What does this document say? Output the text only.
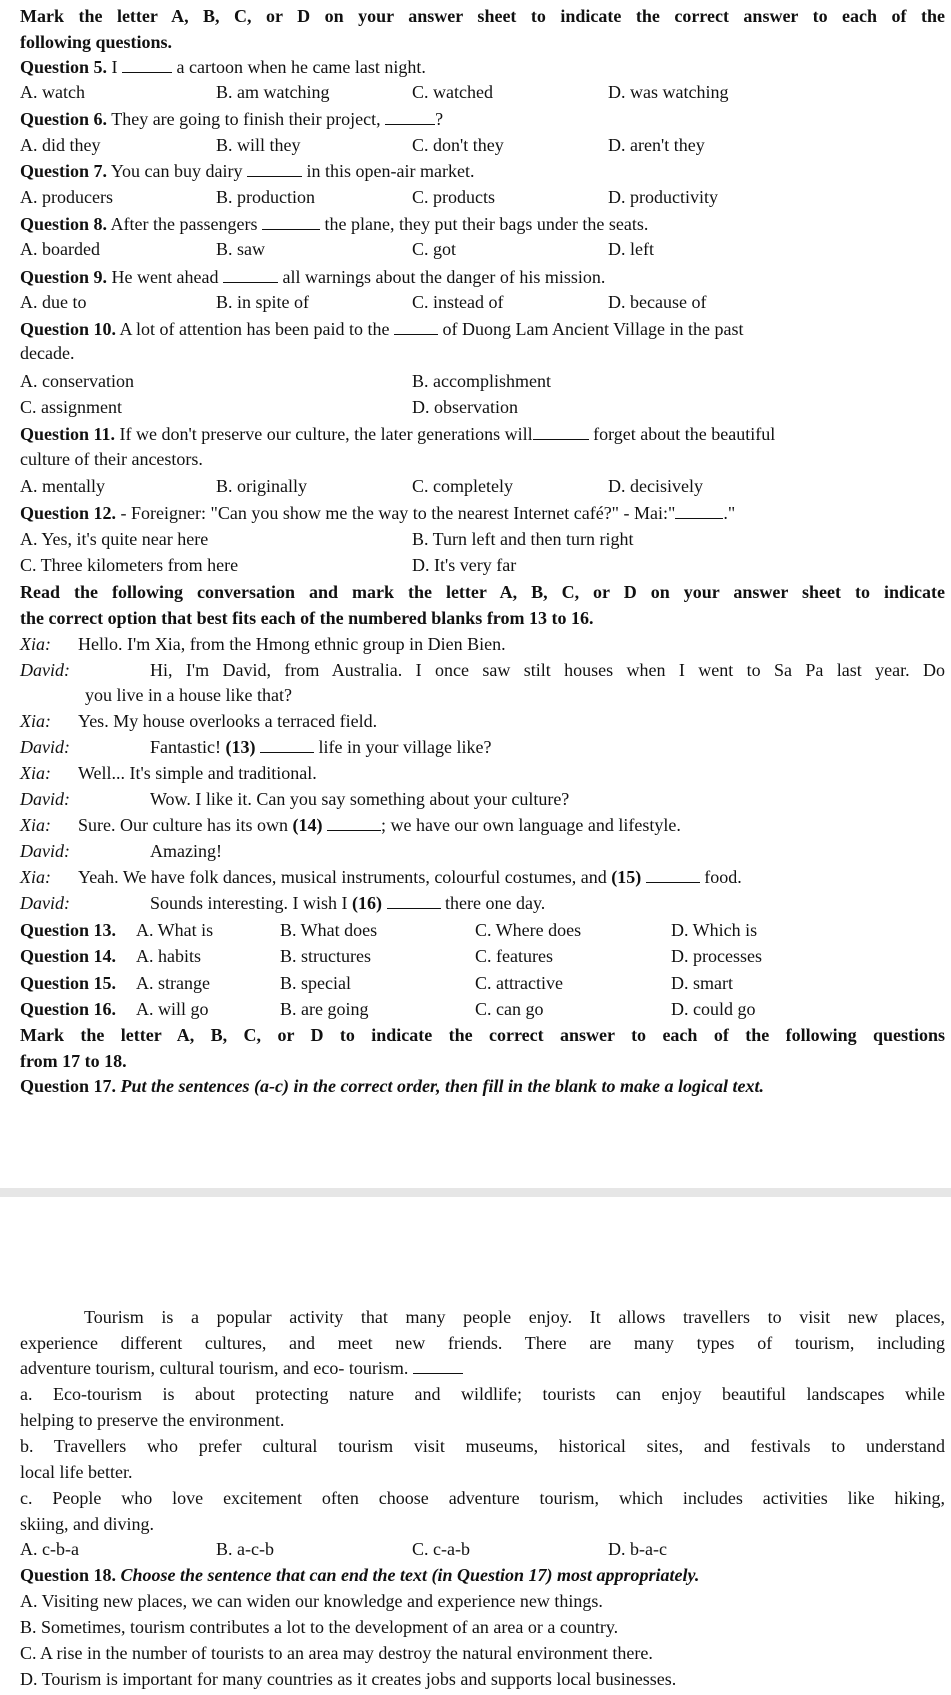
Mark the letter A, B, C, or D on your answer sheet to indicate the correct answer to each of the
following questions.
Question 5. I	a cartoon when he came last night.
A. watch	B. am watching	C. watched	D. was watching
Question 6. They are going to finish their project,	?
A. did they	B. will they	C. don't they	D. aren't they
Question 7. You can buy dairy	in this open-air market.
A. producers	B. production	C. products	D. productivity
Question 8. After the passengers	the plane, they put their bags under the seats.
A. boarded	B. saw	C. got	D. left
Question 9. He went ahead	all warnings about the danger of his mission.
A. due to	B. in spite of	C. instead of	D. because of
Question 10. A lot of attention has been paid to the	of Duong Lam Ancient Village in the past
decade.
A. conservation	B. accomplishment
C. assignment	D. observation
Question 11. If we don't preserve our culture, the later generations will	forget about the beautiful
culture of their ancestors.
A. mentally	B. originally	C. completely	D. decisively
Question 12. - Foreigner: "Can you show me the way to the nearest Internet café?" - Mai:"	."
A. Yes, it's quite near here	B. Turn left and then turn right
C. Three kilometers from here	D. It's very far
Read the following conversation and mark the letter A, B, C, or D on your answer sheet to indicate
the correct option that best fits each of the numbered blanks from 13 to 16.
Xia: Hello. I'm Xia, from the Hmong ethnic group in Dien Bien.
David:	Hi, I'm David, from Australia. I once saw stilt houses when I went to Sa Pa last year. Do
you live in a house like that?
Xia: Yes. My house overlooks a terraced field.
David:	Fantastic! (13)	life in your village like?
Xia: Well... It's simple and traditional.
David:	Wow. I like it. Can you say something about your culture?
Xia: Sure. Our culture has its own (14)	; we have our own language and lifestyle.
David:	Amazing!
Xia: Yeah. We have folk dances, musical instruments, colourful costumes, and (15)	food.
David:	Sounds interesting. I wish I (16)	there one day.
Question 13. A. What is	B. What does	C. Where does	D. Which is
Question 14. A. habits	B. structures	C. features	D. processes
Question 15. A. strange	B. special	C. attractive	D. smart
Question 16. A. will go	B. are going	C. can go	D. could go
Mark the letter A, B, C, or D to indicate the correct answer to each of the following questions
from 17 to 18.
Question 17. Put the sentences (a-c) in the correct order, then fill in the blank to make a logical text.
Tourism is a popular activity that many people enjoy. It allows travellers to visit new places,
experience different cultures, and meet new friends. There are many types of tourism, including
adventure tourism, cultural tourism, and eco- tourism.
a. Eco-tourism is about protecting nature and wildlife; tourists can enjoy beautiful landscapes while
helping to preserve the environment.
b. Travellers who prefer cultural tourism visit museums, historical sites, and festivals to understand
local life better.
c. People who love excitement often choose adventure tourism, which includes activities like hiking,
skiing, and diving.
A. c-b-a	B. a-c-b	C. c-a-b	D. b-a-c
Question 18. Choose the sentence that can end the text (in Question 17) most appropriately.
A. Visiting new places, we can widen our knowledge and experience new things.
B. Sometimes, tourism contributes a lot to the development of an area or a country.
C. A rise in the number of tourists to an area may destroy the natural environment there.
D. Tourism is important for many countries as it creates jobs and supports local businesses.
